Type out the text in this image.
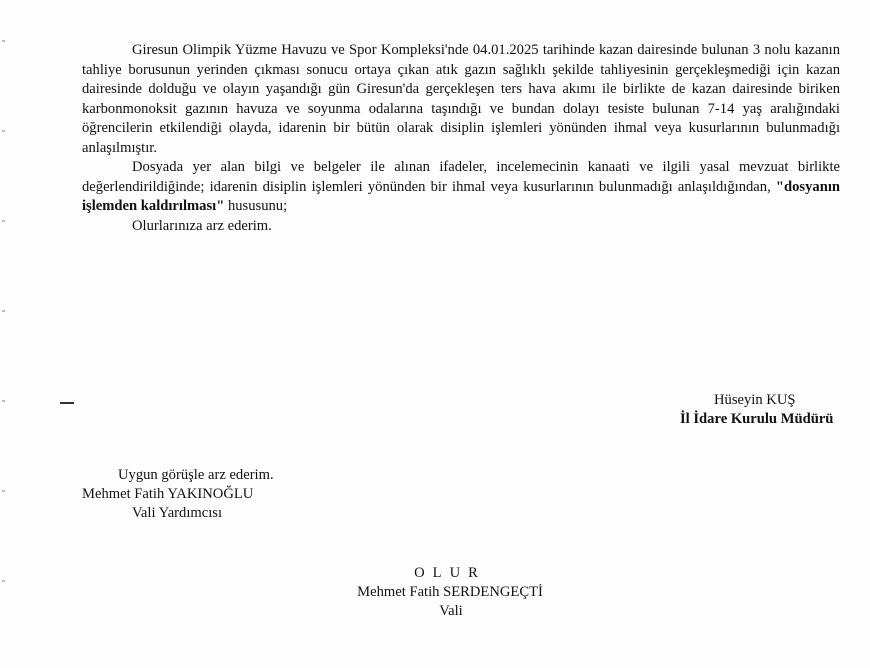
Giresun Olimpik Yüzme Havuzu ve Spor Kompleksi'nde 04.01.2025 tarihinde kazan dairesinde bulunan 3 nolu kazanın tahliye borusunun yerinden çıkması sonucu ortaya çıkan atık gazın sağlıklı şekilde tahliyesinin gerçekleşmediği için kazan dairesinde dolduğu ve olayın yaşandığı gün Giresun'da gerçekleşen ters hava akımı ile birlikte de kazan dairesinde biriken karbonmonoksit gazının havuza ve soyunma odalarına taşındığı ve bundan dolayı tesiste bulunan 7-14 yaş aralığındaki öğrencilerin etkilendiği olayda, idarenin bir bütün olarak disiplin işlemleri yönünden ihmal veya kusurlarının bulunmadığı anlaşılmıştır.

Dosyada yer alan bilgi ve belgeler ile alınan ifadeler, incelemecinin kanaati ve ilgili yasal mevzuat birlikte değerlendirildiğinde; idarenin disiplin işlemleri yönünden bir ihmal veya kusurlarının bulunmadığı anlaşıldığından, "dosyanın işlemden kaldırılması" hususunu;

Olurlarınıza arz ederim.

Hüseyin KUŞ
İl İdare Kurulu Müdürü
Uygun görüşle arz ederim.
Mehmet Fatih YAKINOĞLU
Vali Yardımcısı
OLUR
Mehmet Fatih SERDENGEÇTİ
Vali
